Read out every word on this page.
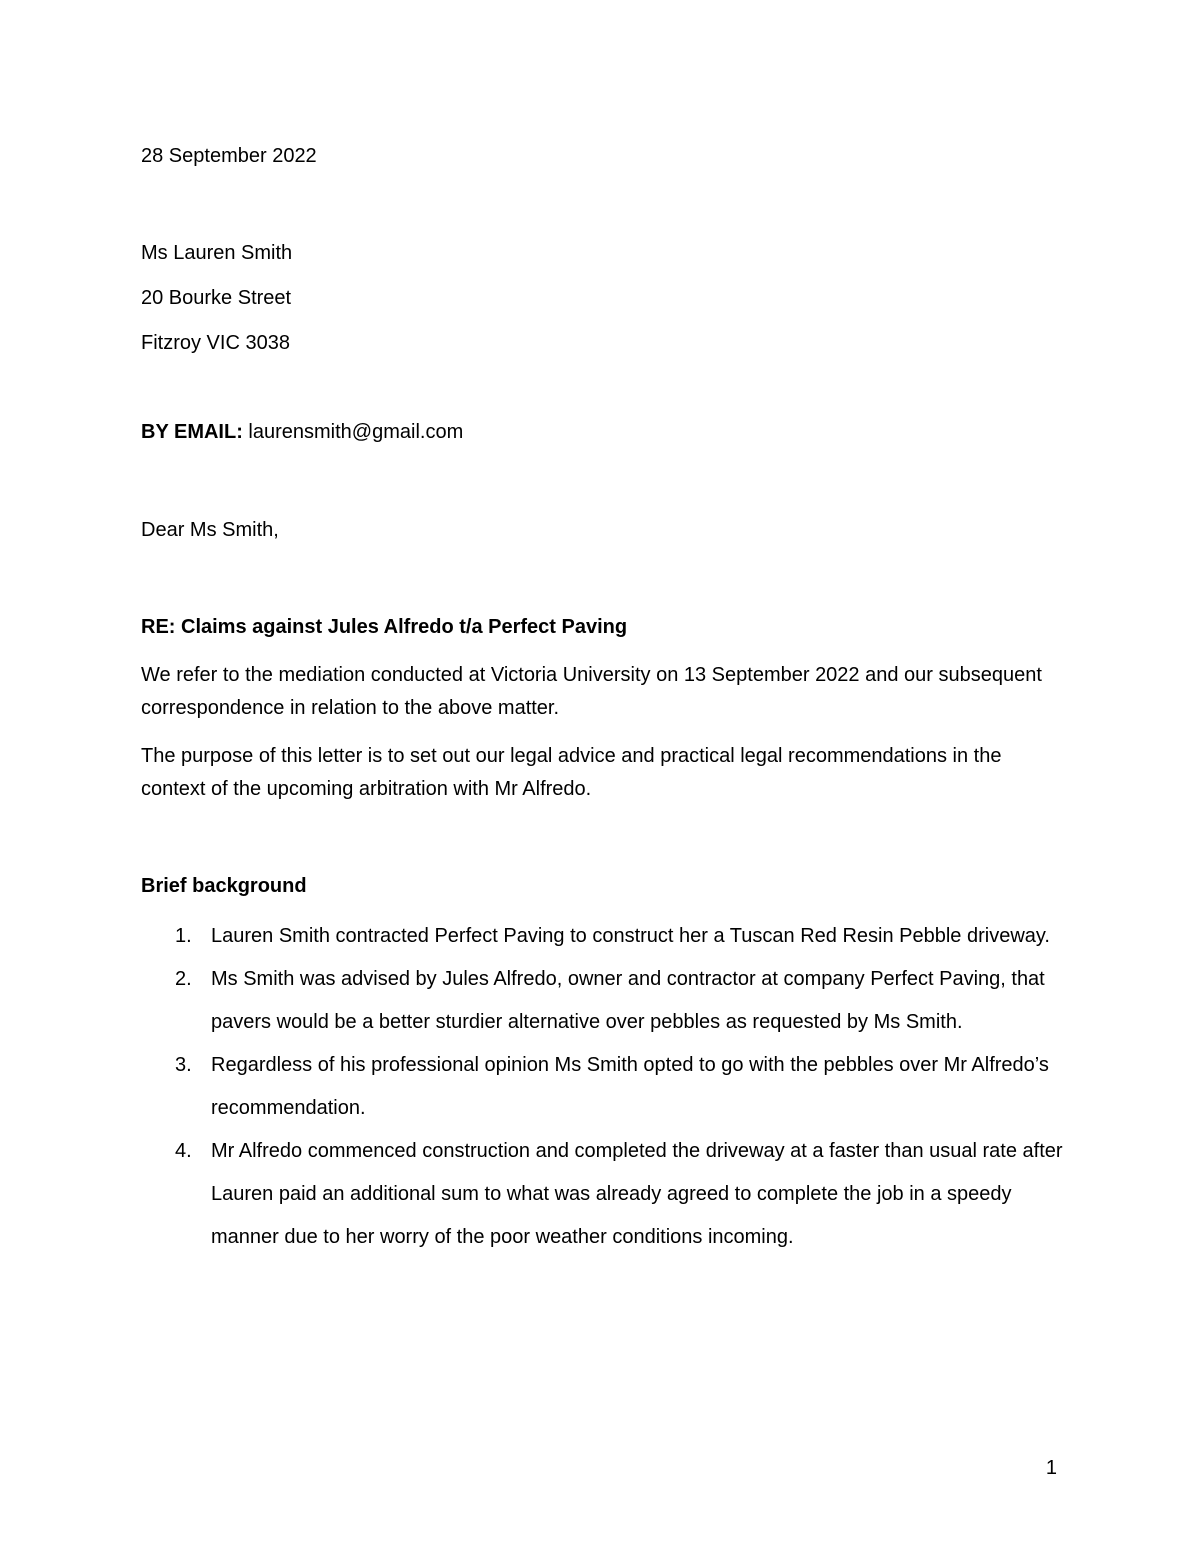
28 September 2022
Ms Lauren Smith
20 Bourke Street
Fitzroy VIC 3038
BY EMAIL: laurensmith@gmail.com
Dear Ms Smith,
RE: Claims against Jules Alfredo t/a Perfect Paving

We refer to the mediation conducted at Victoria University on 13 September 2022 and our subsequent correspondence in relation to the above matter.

The purpose of this letter is to set out our legal advice and practical legal recommendations in the context of the upcoming arbitration with Mr Alfredo.

Brief background
1. Lauren Smith contracted Perfect Paving to construct her a Tuscan Red Resin Pebble driveway.
2. Ms Smith was advised by Jules Alfredo, owner and contractor at company Perfect Paving, that pavers would be a better sturdier alternative over pebbles as requested by Ms Smith.
3. Regardless of his professional opinion Ms Smith opted to go with the pebbles over Mr Alfredo’s recommendation.
4. Mr Alfredo commenced construction and completed the driveway at a faster than usual rate after Lauren paid an additional sum to what was already agreed to complete the job in a speedy manner due to her worry of the poor weather conditions incoming.
1
